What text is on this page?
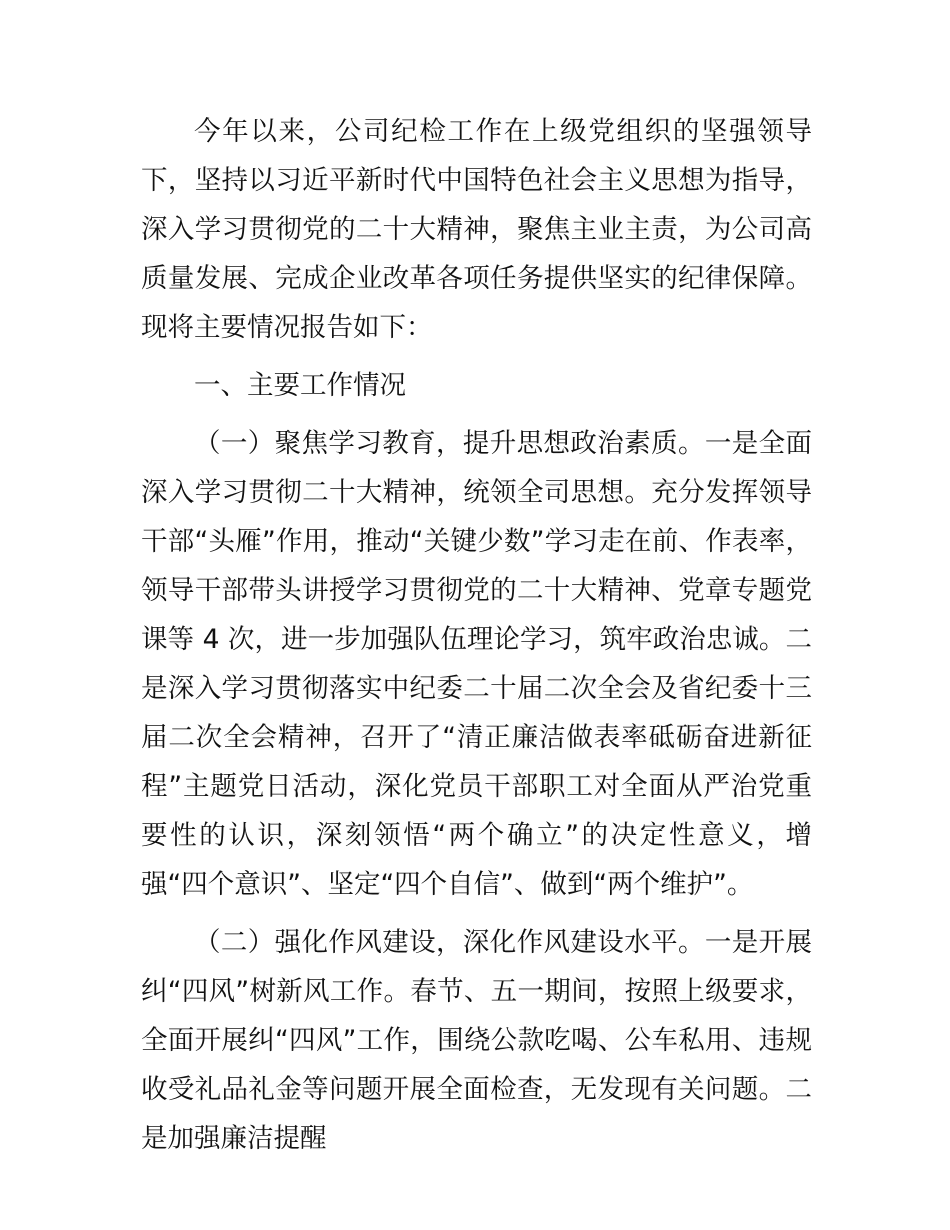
今年以来，公司纪检工作在上级党组织的坚强领导下，坚持以习近平新时代中国特色社会主义思想为指导，深入学习贯彻党的二十大精神，聚焦主业主责，为公司高质量发展、完成企业改革各项任务提供坚实的纪律保障。现将主要情况报告如下：

一、主要工作情况

（一）聚焦学习教育，提升思想政治素质。一是全面深入学习贯彻二十大精神，统领全司思想。充分发挥领导干部“头雁”作用，推动“关键少数”学习走在前、作表率，领导干部带头讲授学习贯彻党的二十大精神、党章专题党课等 4 次，进一步加强队伍理论学习，筑牢政治忠诚。二是深入学习贯彻落实中纪委二十届二次全会及省纪委十三届二次全会精神，召开了“清正廉洁做表率砥砺奋进新征程”主题党日活动，深化党员干部职工对全面从严治党重要性的认识，深刻领悟“两个确立”的决定性意义，增强“四个意识”、坚定“四个自信”、做到“两个维护”。

（二）强化作风建设，深化作风建设水平。一是开展纠“四风”树新风工作。春节、五一期间，按照上级要求，全面开展纠“四风”工作，围绕公款吃喝、公车私用、违规收受礼品礼金等问题开展全面检查，无发现有关问题。二是加强廉洁提醒
